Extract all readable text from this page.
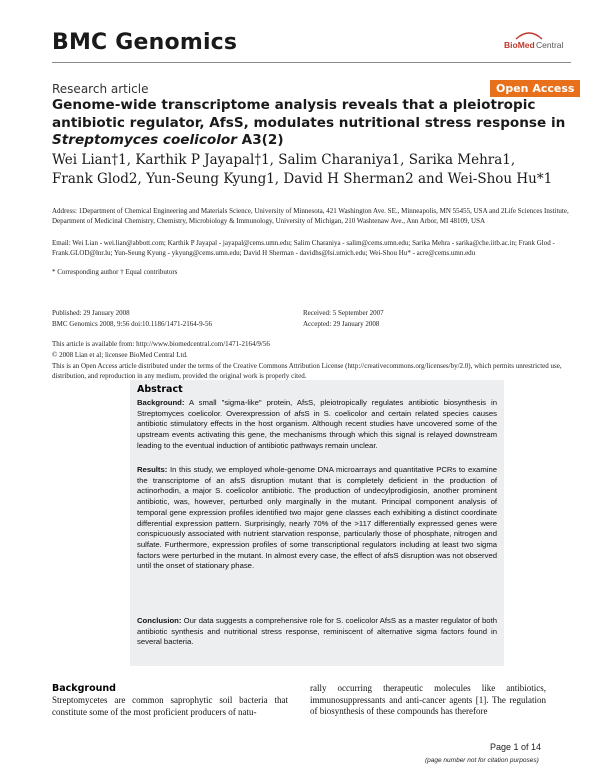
BMC Genomics	BioMed Central
Research article	Open Access
Genome-wide transcriptome analysis reveals that a pleiotropic antibiotic regulator, AfsS, modulates nutritional stress response in Streptomyces coelicolor A3(2)
Wei Lian†1, Karthik P Jayapal†1, Salim Charaniya1, Sarika Mehra1,
Frank Glod2, Yun-Seung Kyung1, David H Sherman2 and Wei-Shou Hu*1
Address: 1Department of Chemical Engineering and Materials Science, University of Minnesota, 421 Washington Ave. SE., Minneapolis, MN 55455, USA and 2Life Sciences Institute, Department of Medicinal Chemistry, Chemistry, Microbiology & Immunology, University of Michigan, 210 Washtenaw Ave., Ann Arbor, MI 48109, USA
Email: Wei Lian - wei.lian@abbott.com; Karthik P Jayapal - jayapal@cems.umn.edu; Salim Charaniya - salim@cems.umn.edu; Sarika Mehra - sarika@che.iitb.ac.in; Frank Glod - Frank.GLOD@lnr.lu; Yun-Seung Kyung - ykyung@cems.umn.edu; David H Sherman - davidhs@lsi.umich.edu; Wei-Shou Hu* - acre@cems.umn.edu
* Corresponding author † Equal contributors
Published: 29 January 2008
BMC Genomics 2008, 9:56 doi:10.1186/1471-2164-9-56
Received: 5 September 2007
Accepted: 29 January 2008
This article is available from: http://www.biomedcentral.com/1471-2164/9/56
© 2008 Lian et al; licensee BioMed Central Ltd.
This is an Open Access article distributed under the terms of the Creative Commons Attribution License (http://creativecommons.org/licenses/by/2.0), which permits unrestricted use, distribution, and reproduction in any medium, provided the original work is properly cited.
Abstract
Background: A small "sigma-like" protein, AfsS, pleiotropically regulates antibiotic biosynthesis in Streptomyces coelicolor. Overexpression of afsS in S. coelicolor and certain related species causes antibiotic stimulatory effects in the host organism. Although recent studies have uncovered some of the upstream events activating this gene, the mechanisms through which this signal is relayed downstream leading to the eventual induction of antibiotic pathways remain unclear.
Results: In this study, we employed whole-genome DNA microarrays and quantitative PCRs to examine the transcriptome of an afsS disruption mutant that is completely deficient in the production of actinorhodin, a major S. coelicolor antibiotic. The production of undecylprodigiosin, another prominent antibiotic, was, however, perturbed only marginally in the mutant. Principal component analysis of temporal gene expression profiles identified two major gene classes each exhibiting a distinct coordinate differential expression pattern. Surprisingly, nearly 70% of the >117 differentially expressed genes were conspicuously associated with nutrient starvation response, particularly those of phosphate, nitrogen and sulfate. Furthermore, expression profiles of some transcriptional regulators including at least two sigma factors were perturbed in the mutant. In almost every case, the effect of afsS disruption was not observed until the onset of stationary phase.
Conclusion: Our data suggests a comprehensive role for S. coelicolor AfsS as a master regulator of both antibiotic synthesis and nutritional stress response, reminiscent of alternative sigma factors found in several bacteria.
Background
Streptomycetes are common saprophytic soil bacteria that constitute some of the most proficient producers of natu-
rally occurring therapeutic molecules like antibiotics, immunosuppressants and anti-cancer agents [1]. The regulation of biosynthesis of these compounds has therefore
Page 1 of 14
(page number not for citation purposes)
